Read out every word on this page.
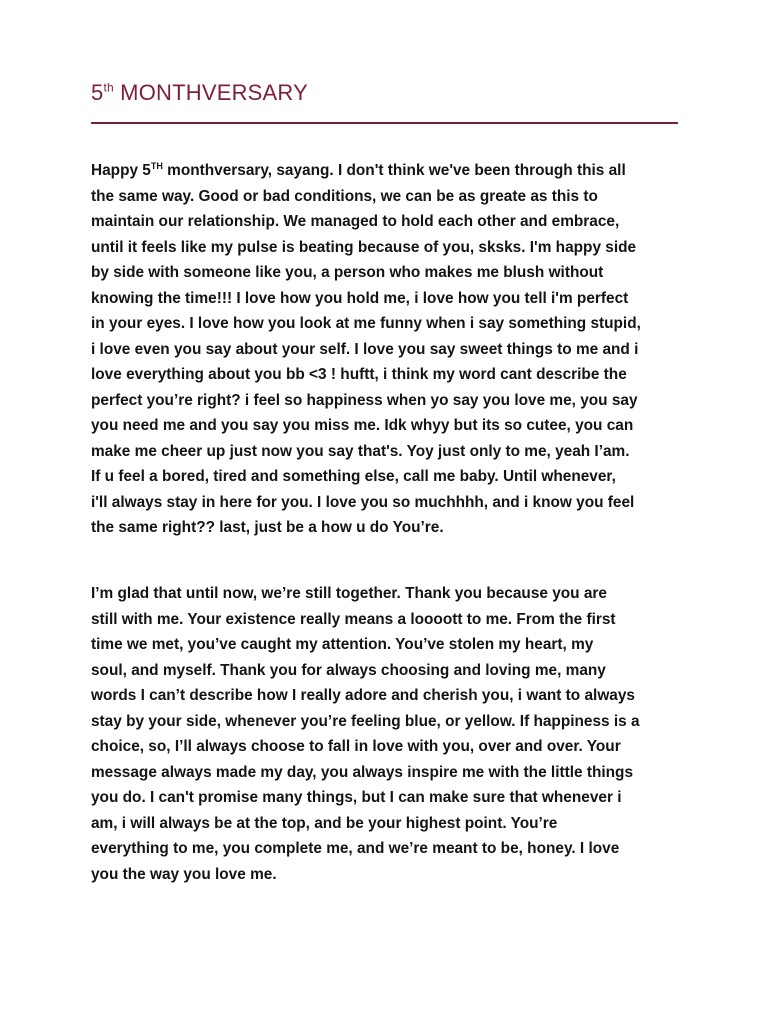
5th MONTHVERSARY

Happy 5TH monthversary, sayang. I don't think we've been through this all
the same way. Good or bad conditions, we can be as greate as this to
maintain our relationship. We managed to hold each other and embrace,
until it feels like my pulse is beating because of you, sksks. I'm happy side
by side with someone like you, a person who makes me blush without
knowing the time!!! I love how you hold me, i love how you tell i'm perfect
in your eyes. I love how you look at me funny when i say something stupid,
i love even you say about your self. I love you say sweet things to me and i
love everything about you bb <3 ! huftt, i think my word cant describe the
perfect you’re right? i feel so happiness when yo say you love me, you say
you need me and you say you miss me. Idk whyy but its so cutee, you can
make me cheer up just now you say that's. Yoy just only to me, yeah I’am.
If u feel a bored, tired and something else, call me baby. Until whenever,
i'll always stay in here for you. I love you so muchhhh, and i know you feel
the same right?? last, just be a how u do You’re.

I’m glad that until now, we’re still together. Thank you because you are
still with me. Your existence really means a loooott to me. From the first
time we met, you’ve caught my attention. You’ve stolen my heart, my
soul, and myself. Thank you for always choosing and loving me, many
words I can’t describe how I really adore and cherish you, i want to always
stay by your side, whenever you’re feeling blue, or yellow. If happiness is a
choice, so, I’ll always choose to fall in love with you, over and over. Your
message always made my day, you always inspire me with the little things
you do. I can't promise many things, but I can make sure that whenever i
am, i will always be at the top, and be your highest point. You’re
everything to me, you complete me, and we’re meant to be, honey. I love
you the way you love me.
